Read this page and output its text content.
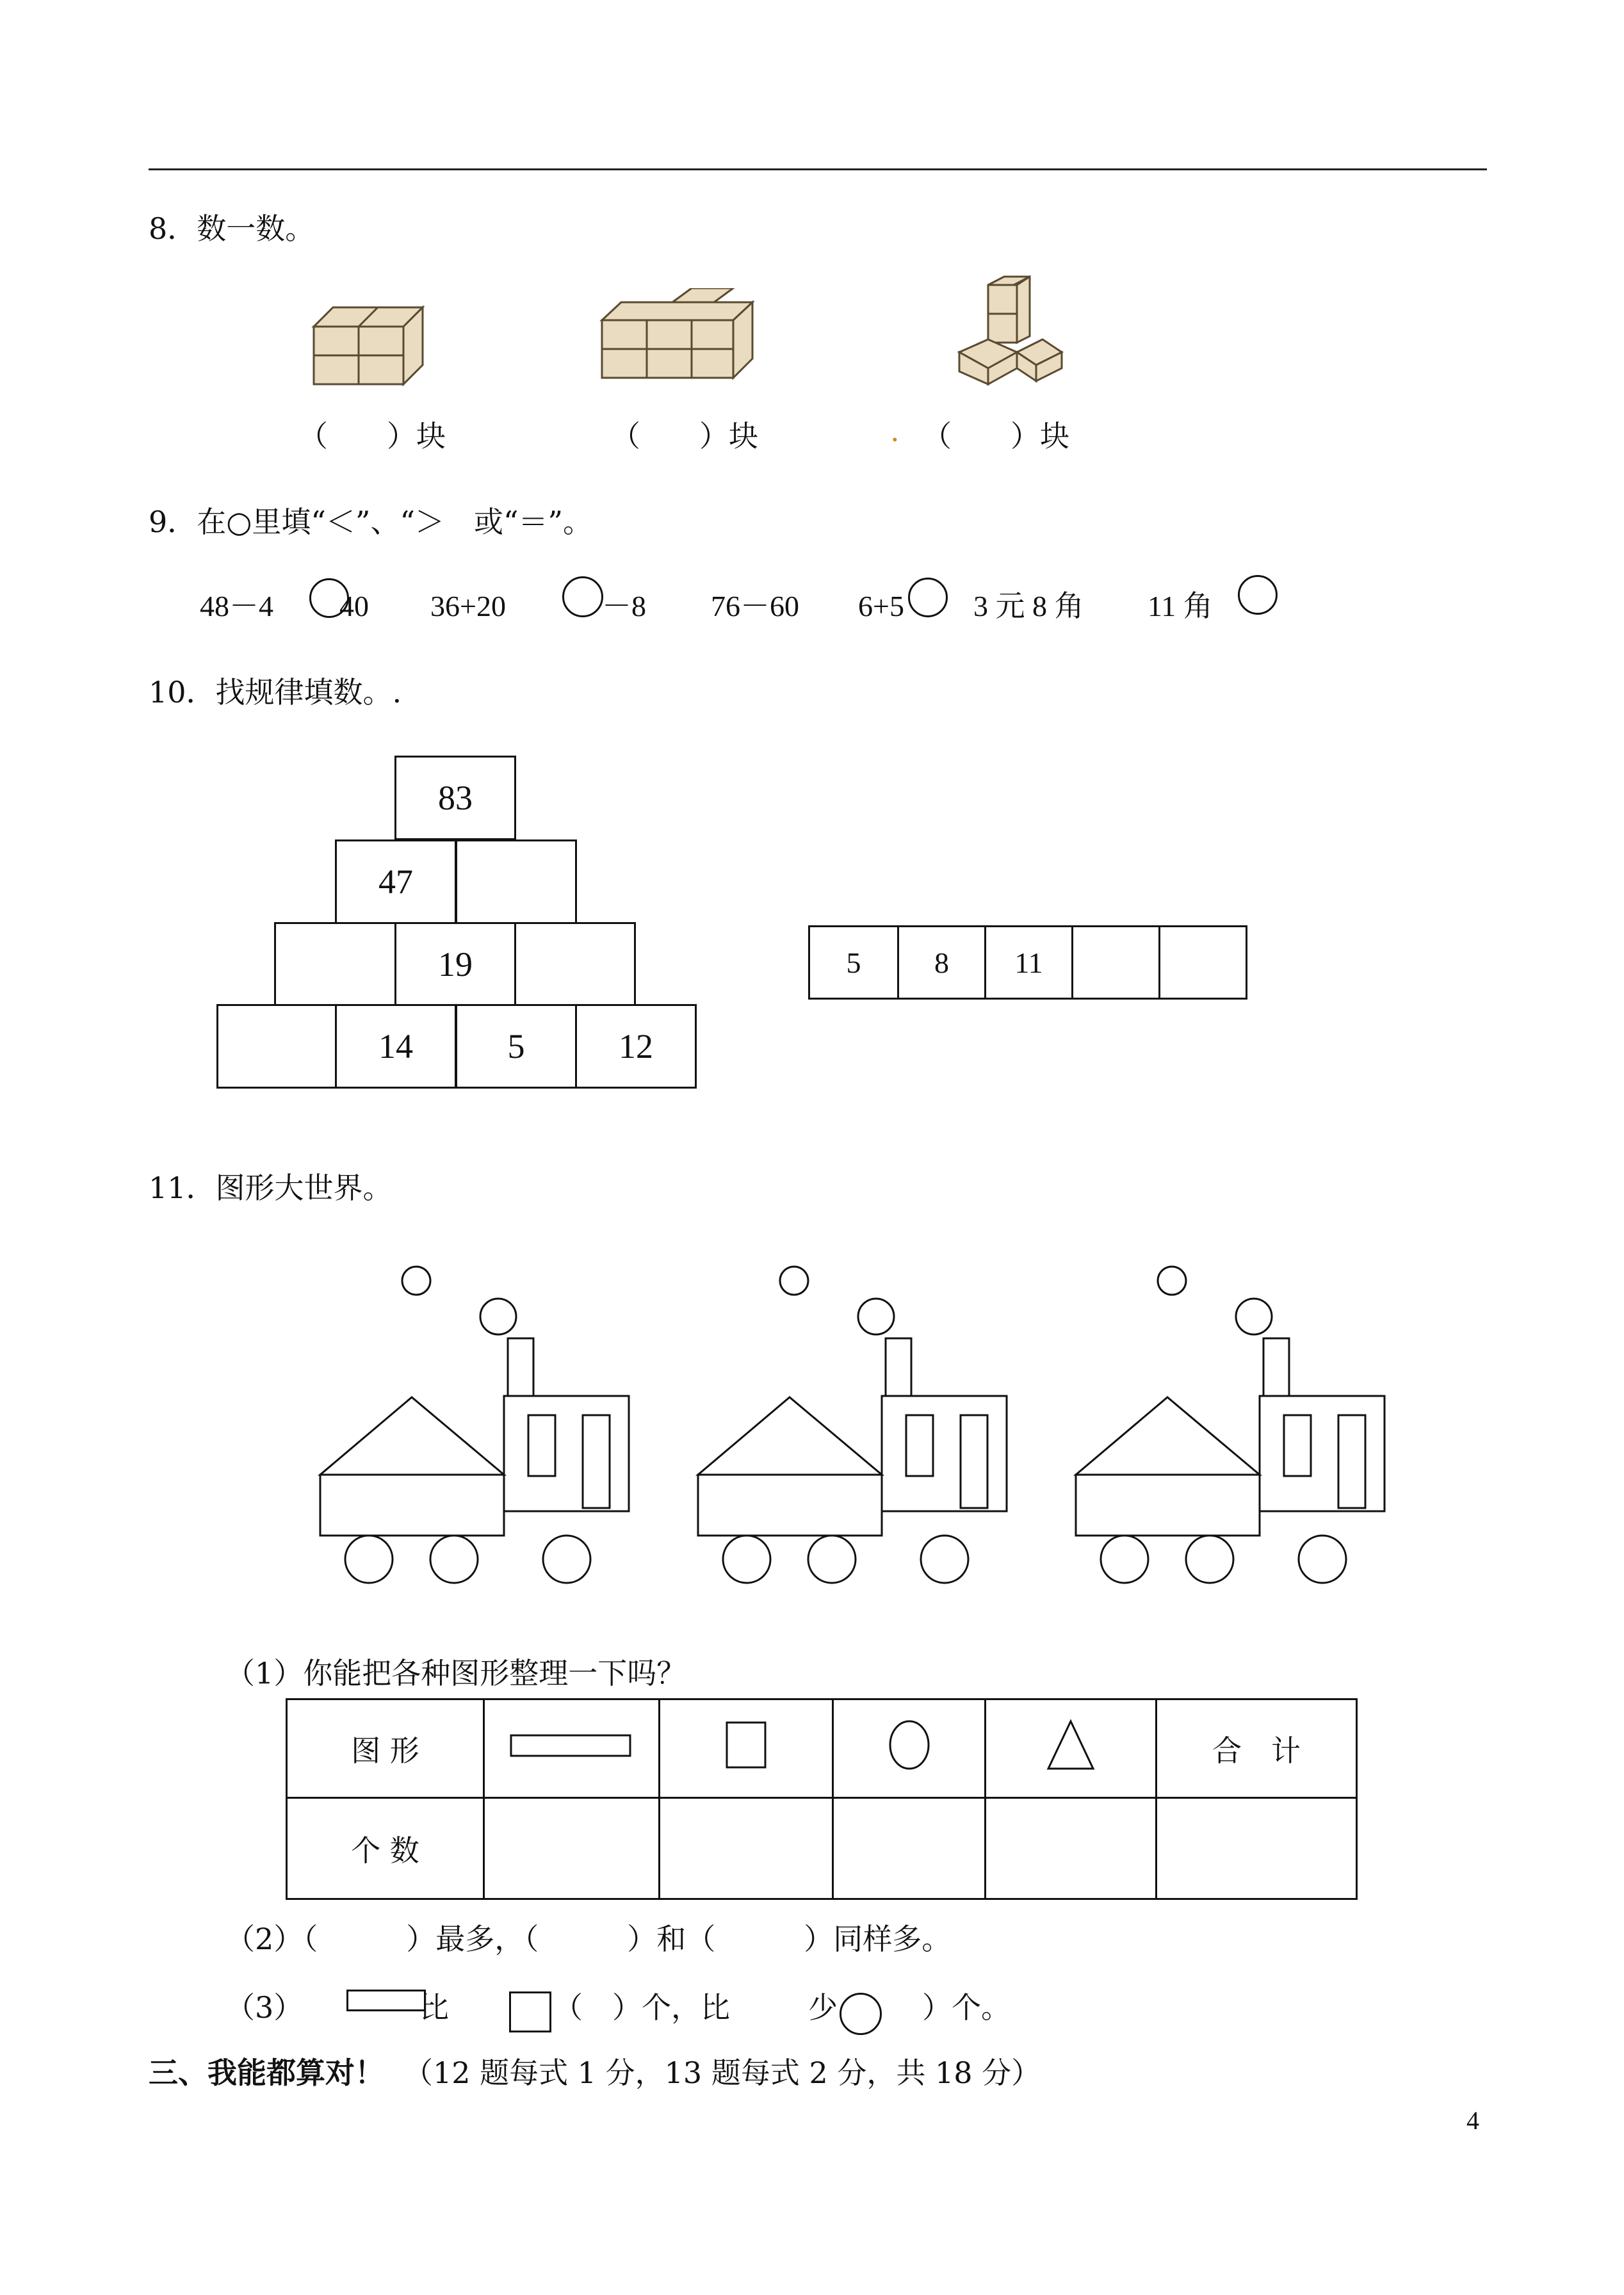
8．数一数。
（　　）块	（　　）块	. （　　）块
9．在○里填“＜”、“＞　或“＝”。
48－4 40 36+20	－8 76－60 6+5 3 元 8 角 11 角
10．找规律填数。.
83
47
19
14	5	12
5	8	11
11．图形大世界。
（1）你能把各种图形整理一下吗？
图 形					合　计
个 数					
（2）（　　　）最多，（　　　）和（　　　）同样多。
（3）	比	（　）个，比	少	）个。
三、我能都算对！ （12 题每式 1 分，13 题每式 2 分，共 18 分）
4
